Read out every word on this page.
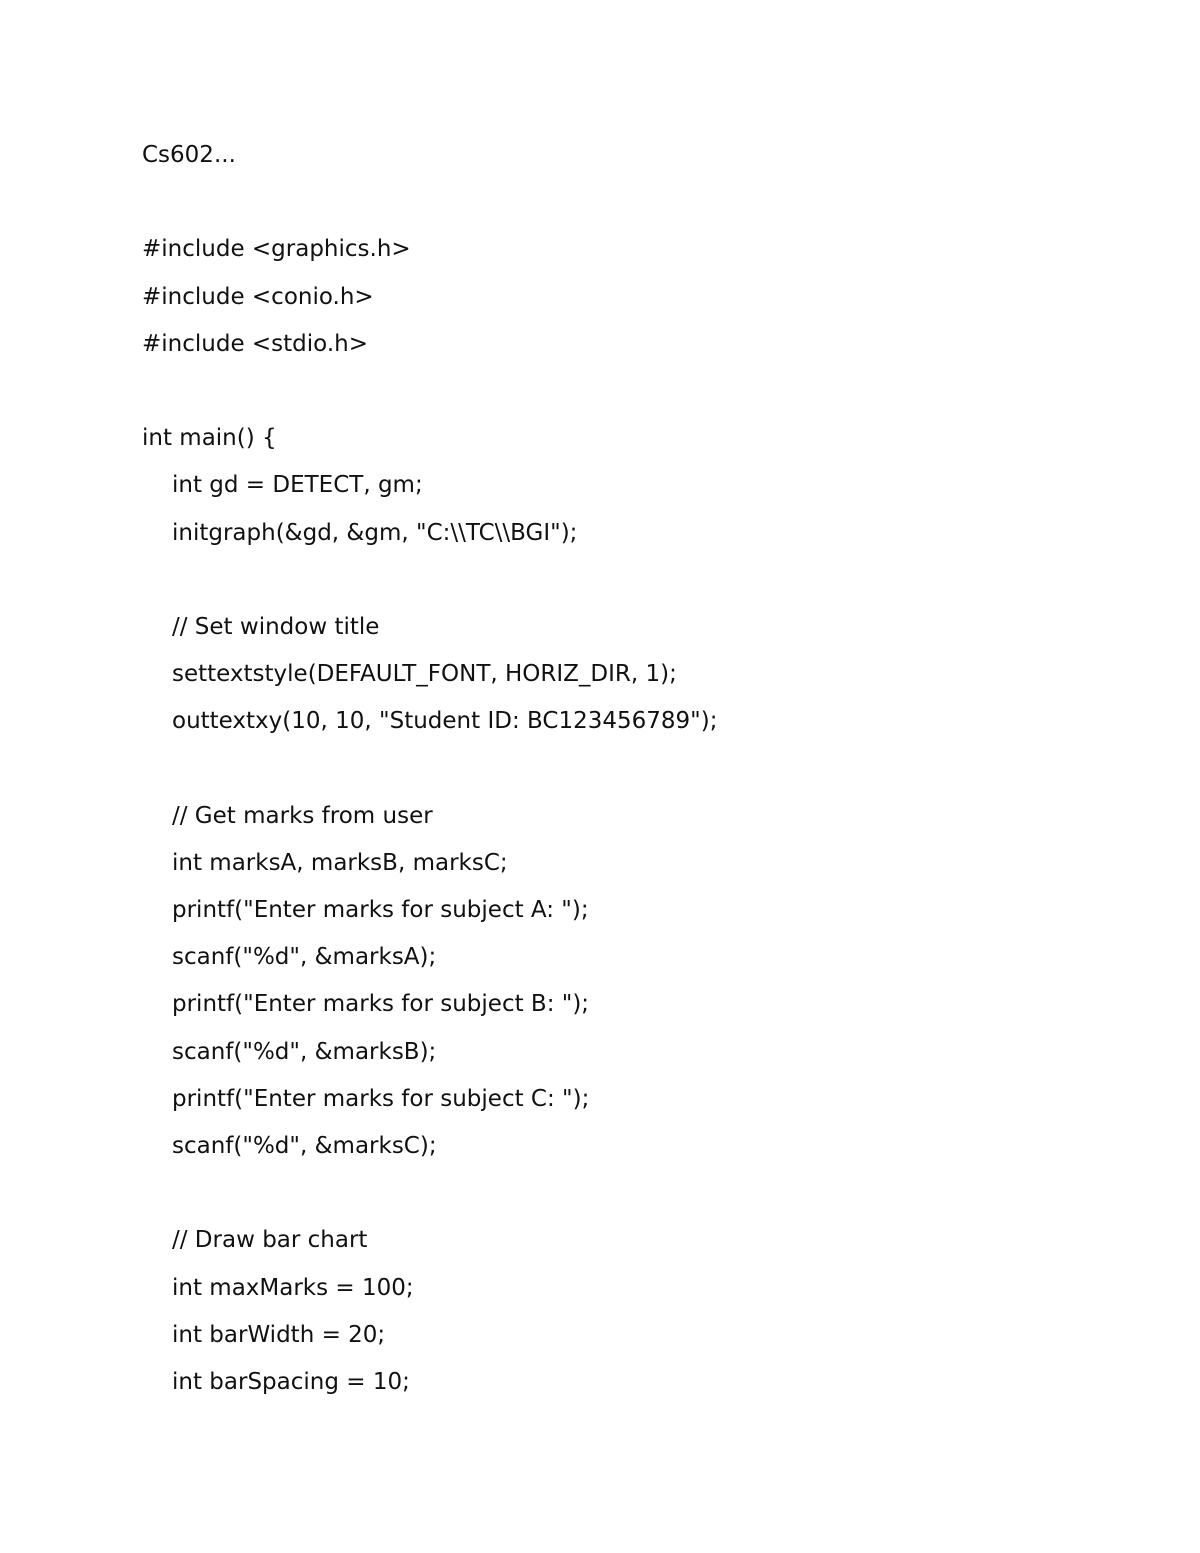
Cs602...
#include <graphics.h>
#include <conio.h>
#include <stdio.h>
int main() {
int gd = DETECT, gm;
initgraph(&gd, &gm, "C:\\TC\\BGI");
// Set window title
settextstyle(DEFAULT_FONT, HORIZ_DIR, 1);
outtextxy(10, 10, "Student ID: BC123456789");
// Get marks from user
int marksA, marksB, marksC;
printf("Enter marks for subject A: ");
scanf("%d", &marksA);
printf("Enter marks for subject B: ");
scanf("%d", &marksB);
printf("Enter marks for subject C: ");
scanf("%d", &marksC);
// Draw bar chart
int maxMarks = 100;
int barWidth = 20;
int barSpacing = 10;
